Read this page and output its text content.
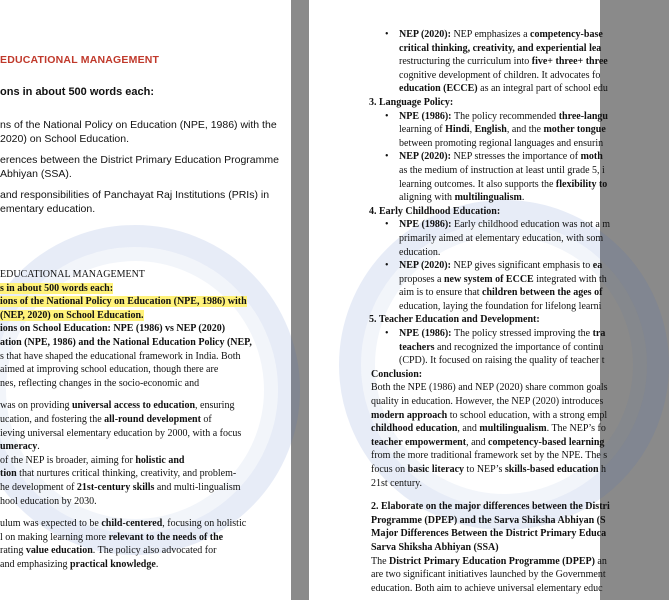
EDUCATIONAL MANAGEMENT
ons in about 500 words each:
ns of the National Policy on Education (NPE, 1986) with the
2020) on School Education.
erences between the District Primary Education Programme
Abhiyan (SSA).
and responsibilities of Panchayat Raj Institutions (PRIs) in
ementary education.
EDUCATIONAL MANAGEMENT
s in about 500 words each:
ions of the National Policy on Education (NPE, 1986) with
(NEP, 2020) on School Education.
ions on School Education: NPE (1986) vs NEP (2020)
ation (NPE, 1986) and the National Education Policy (NEP,
s that have shaped the educational framework in India. Both
aimed at improving school education, though there are
nes, reflecting changes in the socio-economic and
was on providing universal access to education, ensuring
ucation, and fostering the all-round development of
ieving universal elementary education by 2000, with a focus
umeracy.
of the NEP is broader, aiming for holistic and
tion that nurtures critical thinking, creativity, and problem-
he development of 21st-century skills and multi-lingualism
hool education by 2030.
ulum was expected to be child-centered, focusing on holistic
l on making learning more relevant to the needs of the
rating value education. The policy also advocated for
and emphasizing practical knowledge.
• NEP (2020): NEP emphasizes a competency-base
critical thinking, creativity, and experiential lea
restructuring the curriculum into five+ three+ three
cognitive development of children. It advocates fo
education (ECCE) as an integral part of school edu
3. Language Policy:
• NPE (1986): The policy recommended three-langu
learning of Hindi, English, and the mother tongue
between promoting regional languages and ensurin
• NEP (2020): NEP stresses the importance of moth
as the medium of instruction at least until grade 5, i
learning outcomes. It also supports the flexibility to
aligning with multilingualism.
4. Early Childhood Education:
• NPE (1986): Early childhood education was not a m
primarily aimed at elementary education, with som
education.
• NEP (2020): NEP gives significant emphasis to ea
proposes a new system of ECCE integrated with th
aim is to ensure that children between the ages of
education, laying the foundation for lifelong learni
5. Teacher Education and Development:
• NPE (1986): The policy stressed improving the tra
teachers and recognized the importance of continu
(CPD). It focused on raising the quality of teacher t
Conclusion:
Both the NPE (1986) and NEP (2020) share common goals
quality in education. However, the NEP (2020) introduces
modern approach to school education, with a strong empl
childhood education, and multilingualism. The NEP’s fo
teacher empowerment, and competency-based learning
from the more traditional framework set by the NPE. The s
focus on basic literacy to NEP’s skills-based education h
21st century.
2. Elaborate on the major differences between the Distri
Programme (DPEP) and the Sarva Shiksha Abhiyan (S
Major Differences Between the District Primary Educa
Sarva Shiksha Abhiyan (SSA)
The District Primary Education Programme (DPEP) an
are two significant initiatives launched by the Government
education. Both aim to achieve universal elementary educ
